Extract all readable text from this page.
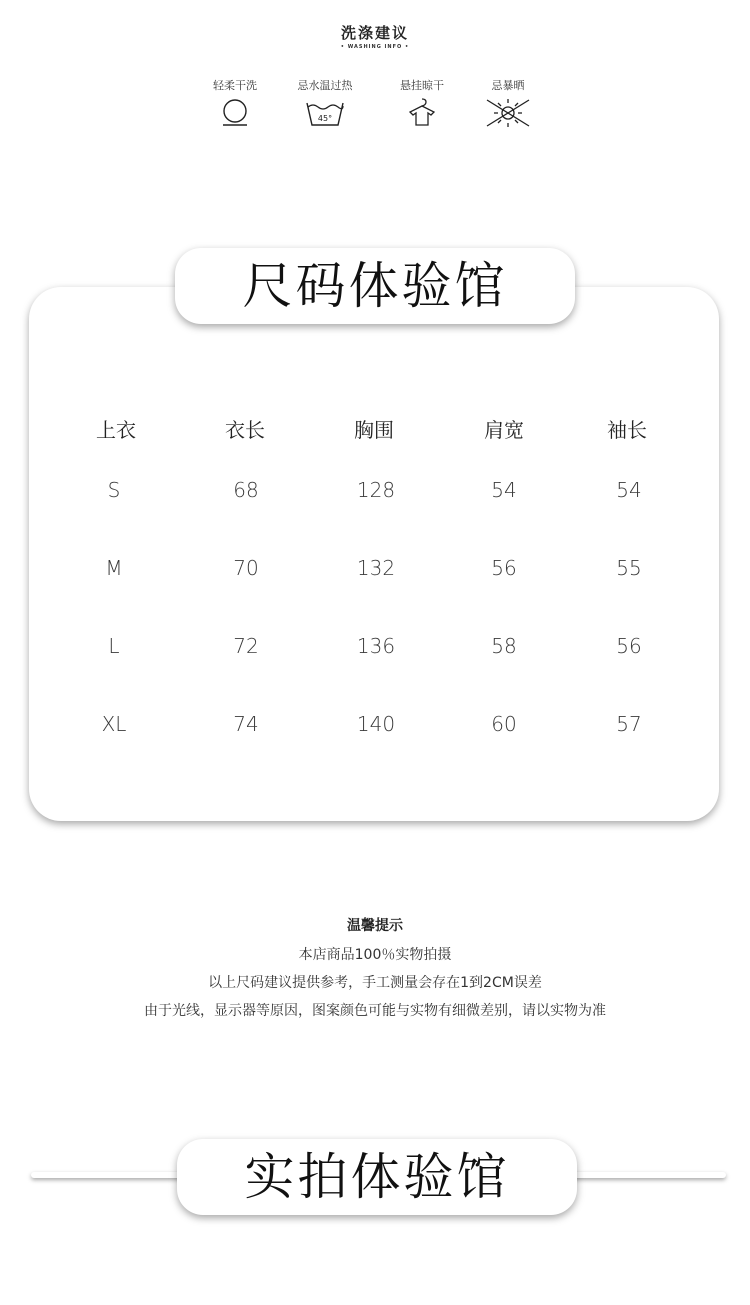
洗涤建议
• WASHING INFO •
轻柔干洗	忌水温过热
45°
悬挂晾干	忌暴晒
尺码体验馆
上衣	衣长	胸围	肩宽	袖长
S	68	128	54	54
M	70	132	56	55
L	72	136	58	56
XL	74	140	60	57
温馨提示
本店商品100％实物拍摄
以上尺码建议提供参考，手工测量会存在1到2CM误差
由于光线，显示器等原因，图案颜色可能与实物有细微差别，请以实物为准
实拍体验馆
